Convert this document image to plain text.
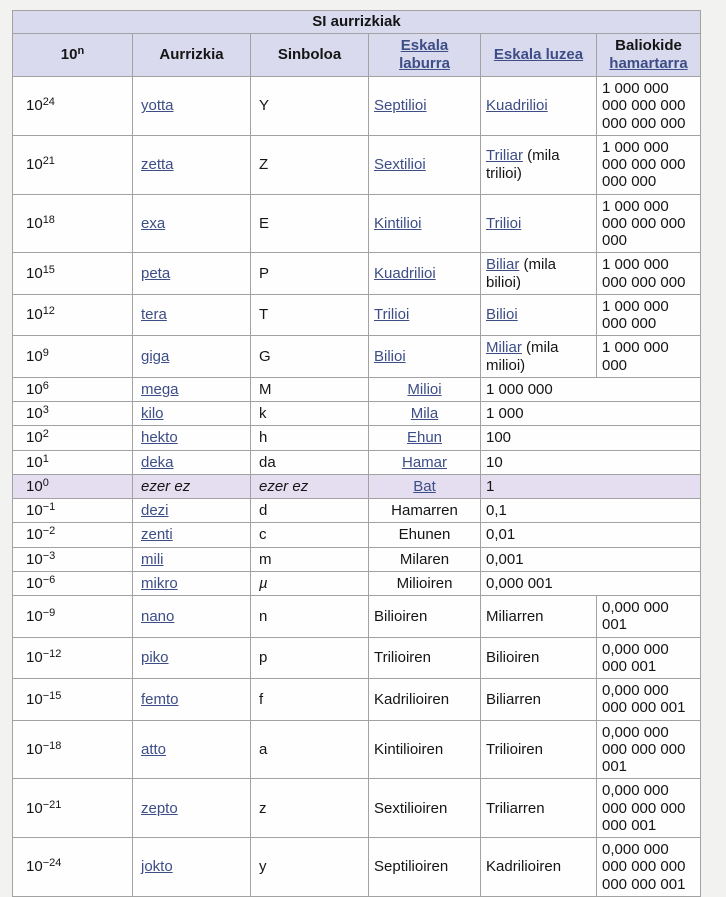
SI aurrizkiak					
10$^n$	Aurrizkia	Sinboloa	Eskala laburra	Eskala luzea	Baliokide hamartarra
$10^{24}$	yotta	Y	Septilioi	Kuadrilioi	1 000 000 000 000 000 000 000 000
$10^{21}$	zetta	Z	Sextilioi	Triliar (mila trilioi)	1 000 000 000 000 000 000 000
$10^{18}$	exa	E	Kintilioi	Trilioi	1 000 000 000 000 000 000
$10^{15}$	peta	P	Kuadrilioi	Biliar (mila bilioi)	1 000 000 000 000 000
$10^{12}$	tera	T	Trilioi	Bilioi	1 000 000 000 000
$10^9$	giga	G	Bilioi	Miliar (mila milioi)	1 000 000 000
$10^6$	mega	M	Milioi	1 000 000	
$10^3$	kilo	k	Mila	1 000	
$10^2$	hekto	h	Ehun	100	
$10^1$	deka	da	Hamar	10	
$10^0$	ezer ez	ezer ez	Bat	1	
$10^{-1}$	dezi	d	Hamarren	0,1	
$10^{-2}$	zenti	c	Ehunen	0,01	
$10^{-3}$	mili	m	Milaren	0,001	
$10^{-6}$	mikro	µ	Milioiren	0,000 001	
$10^{-9}$	nano	n	Bilioiren	Miliarren	0,000 000 001
$10^{-12}$	piko	p	Trilioiren	Bilioiren	0,000 000 000 001
$10^{-15}$	femto	f	Kadrilioiren	Biliarren	0,000 000 000 000 001
$10^{-18}$	atto	a	Kintilioiren	Trilioiren	0,000 000 000 000 000 001
$10^{-21}$	zepto	z	Sextilioiren	Triliarren	0,000 000 000 000 000 000 001
$10^{-24}$	jokto	y	Septilioiren	Kadrilioiren	0,000 000 000 000 000 000 000 001
